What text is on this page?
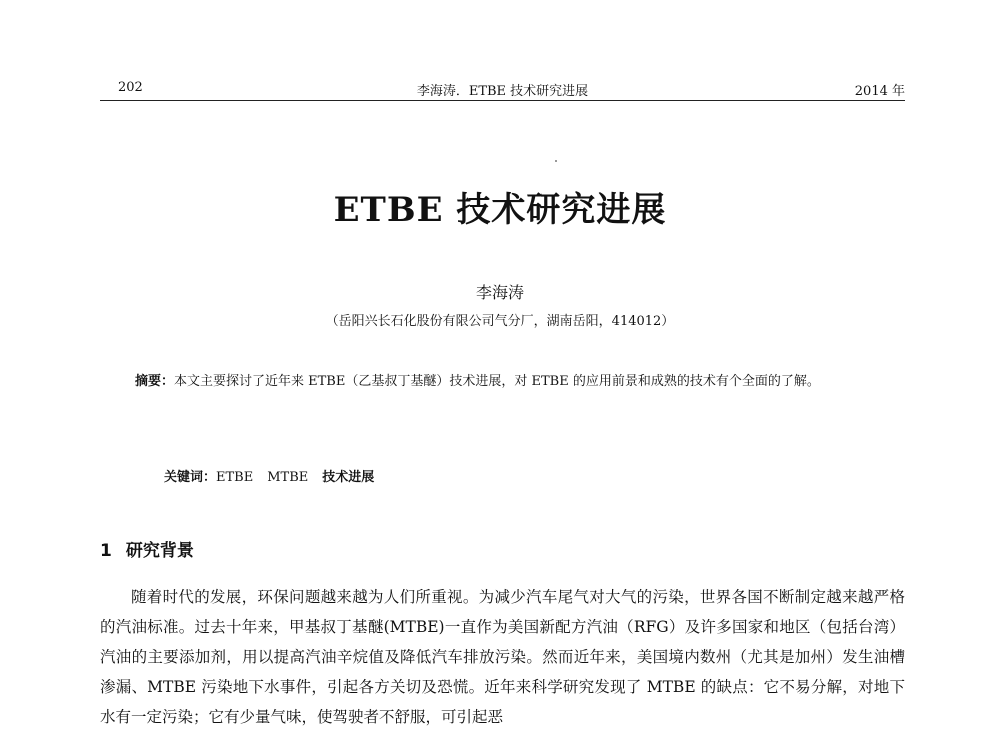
202	李海涛．ETBE 技术研究进展	2014 年
ETBE 技术研究进展
李海涛
（岳阳兴长石化股份有限公司气分厂，湖南岳阳，414012）
摘要：本文主要探讨了近年来 ETBE（乙基叔丁基醚）技术进展，对 ETBE 的应用前景和成熟的技术有个全面的了解。
关键词：ETBE MTBE 技术进展
1 研究背景
随着时代的发展，环保问题越来越为人们所重视。为减少汽车尾气对大气的污染，世界各国不断制定越来越严格的汽油标准。过去十年来，甲基叔丁基醚(MTBE)一直作为美国新配方汽油（RFG）及许多国家和地区（包括台湾）汽油的主要添加剂，用以提高汽油辛烷值及降低汽车排放污染。然而近年来，美国境内数州（尤其是加州）发生油槽渗漏、MTBE 污染地下水事件，引起各方关切及恐慌。近年来科学研究发现了 MTBE 的缺点：它不易分解，对地下水有一定污染；它有少量气味，使驾驶者不舒服，可引起恶
